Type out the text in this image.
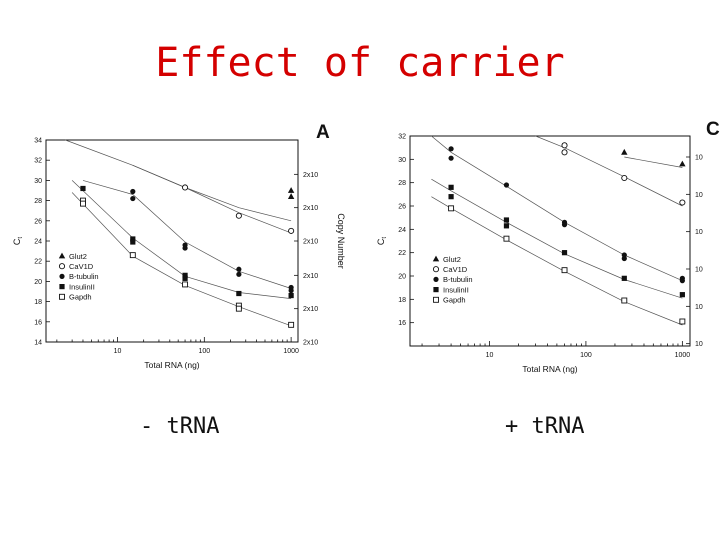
Effect of carrier
14
16
18
20
22
24
26
28
30
32
34
10	100	1000
2x10
2x10
2x10
2x10
2x10
2x10
Copy Number
Total RNA (ng)
$C_t$
A
Glut2
CaV1D
B-tubulin
InsulinII
Gapdh
16
18
20
22
24
26
28
30
32
10	100	1000
10
10
10
10
10
10
Total RNA (ng)
$C_t$
C
Glut2
CaV1D
B-tubulin
InsulinII
Gapdh
- tRNA	+ tRNA
